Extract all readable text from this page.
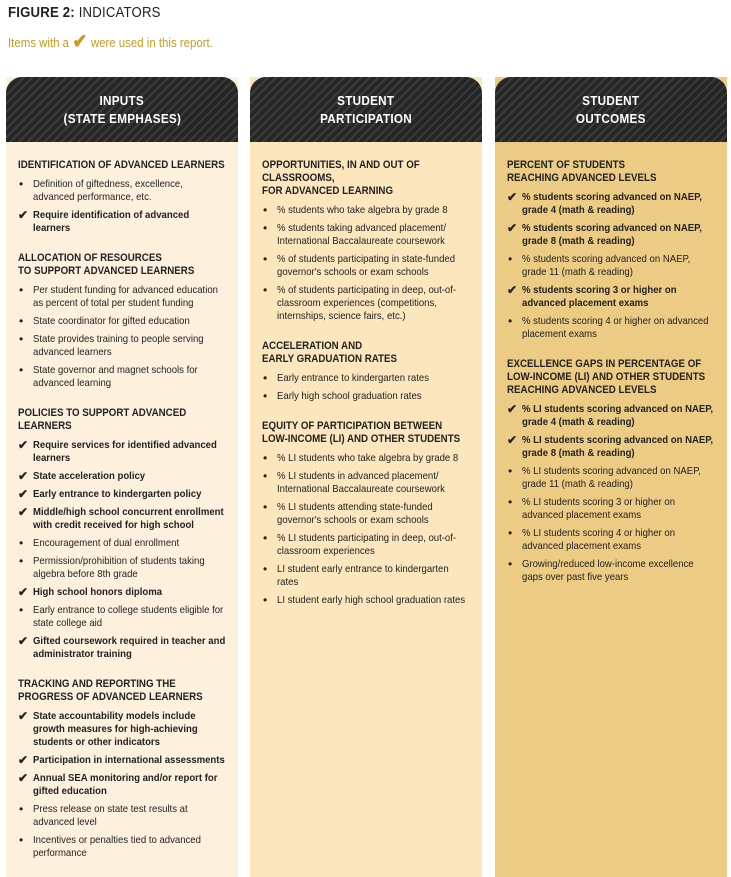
FIGURE 2: INDICATORS
Items with a ✔ were used in this report.
INPUTS
(STATE EMPHASES)
IDENTIFICATION OF ADVANCED LEARNERS
•
Definition of giftedness, excellence, advanced performance, etc.
✔ Require identification of advanced learners
ALLOCATION OF RESOURCES
TO SUPPORT ADVANCED LEARNERS
•
Per student funding for advanced education as percent of total per student funding
•
State coordinator for gifted education
•
State provides training to people serving advanced learners
•
State governor and magnet schools for advanced learning
POLICIES TO SUPPORT ADVANCED LEARNERS
✔ Require services for identified advanced learners
✔ State acceleration policy
✔ Early entrance to kindergarten policy
✔ Middle/high school concurrent enrollment with credit received for high school
•
Encouragement of dual enrollment
•
Permission/prohibition of students taking algebra before 8th grade
✔ High school honors diploma
•
Early entrance to college students eligible for state college aid
✔ Gifted coursework required in teacher and administrator training
TRACKING AND REPORTING THE
PROGRESS OF ADVANCED LEARNERS
✔ State accountability models include growth measures for high-achieving students or other indicators
✔ Participation in international assessments
✔ Annual SEA monitoring and/or report for gifted education
•
Press release on state test results at advanced level
•
Incentives or penalties tied to advanced performance
STUDENT
PARTICIPATION
OPPORTUNITIES, IN AND OUT OF CLASSROOMS,
FOR ADVANCED LEARNING
•
% students who take algebra by grade 8
•
% students taking advanced placement/ International Baccalaureate coursework
•
% of students participating in state-funded governor's schools or exam schools
•
% of students participating in deep, out-of-classroom experiences (competitions, internships, science fairs, etc.)
ACCELERATION AND
EARLY GRADUATION RATES
•
Early entrance to kindergarten rates
•
Early high school graduation rates
EQUITY OF PARTICIPATION BETWEEN
LOW-INCOME (LI) AND OTHER STUDENTS
•
% LI students who take algebra by grade 8
•
% LI students in advanced placement/ International Baccalaureate coursework
•
% LI students attending state-funded governor's schools or exam schools
•
% LI students participating in deep, out-of-classroom experiences
•
LI student early entrance to kindergarten rates
•
LI student early high school graduation rates
STUDENT
OUTCOMES
PERCENT OF STUDENTS
REACHING ADVANCED LEVELS
✔ % students scoring advanced on NAEP, grade 4 (math & reading)
✔ % students scoring advanced on NAEP, grade 8 (math & reading)
•
% students scoring advanced on NAEP, grade 11 (math & reading)
✔ % students scoring 3 or higher on advanced placement exams
•
% students scoring 4 or higher on advanced placement exams
EXCELLENCE GAPS IN PERCENTAGE OF
LOW-INCOME (LI) AND OTHER STUDENTS
REACHING ADVANCED LEVELS
✔ % LI students scoring advanced on NAEP, grade 4 (math & reading)
✔ % LI students scoring advanced on NAEP, grade 8 (math & reading)
•
% LI students scoring advanced on NAEP, grade 11 (math & reading)
•
% LI students scoring 3 or higher on advanced placement exams
•
% LI students scoring 4 or higher on advanced placement exams
•
Growing/reduced low-income excellence gaps over past five years
